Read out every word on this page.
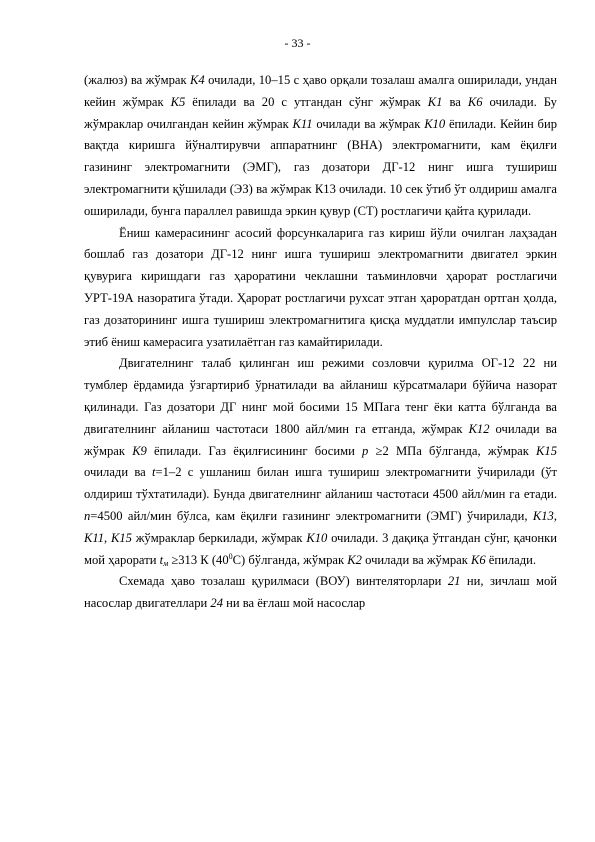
- 33 -

(жалюз) ва жўмрак К4 очилади, 10–15 с ҳаво орқали тозалаш амалга оширилади, ундан кейин жўмрак К5 ёпилади ва 20 с утгандан сўнг жўмрак К1 ва К6 очилади. Бу жўмраклар очилгандан кейин жўмрак К11 очилади ва жўмрак К10 ёпилади. Кейин бир вақтда киришга йўналтирувчи аппаратнинг (ВНА) электромагнити, кам ёқилғи газининг электромагнити (ЭМГ), газ дозатори ДГ-12 нинг ишга тушириш электромагнити қўшилади (ЭЗ) ва жўмрак К13 очилади. 10 сек ўтиб ўт олдириш амалга оширилади, бунга параллел равишда эркин қувур (СТ) ростлагичи қайта қурилади.

Ёниш камерасининг асосий форсункаларига газ кириш йўли очилган лаҳзадан бошлаб газ дозатори ДГ-12 нинг ишга тушириш электромагнити двигател эркин қувурига киришдаги газ ҳароратини чеклашни таъминловчи ҳарорат ростлагичи УРТ-19А назоратига ўтади. Ҳарорат ростлагичи рухсат этган ҳароратдан ортган ҳолда, газ дозаторининг ишга тушириш электромагнитига қисқа муддатли импулслар таъсир этиб ёниш камерасига узатилаётган газ камайтирилади.

Двигателнинг талаб қилинган иш режими созловчи қурилма ОГ-12 22 ни тумблер ёрдамида ўзгартириб ўрнатилади ва айланиш кўрсатмалари бўйича назорат қилинади. Газ дозатори ДГ нинг мой босими 15 МПага тенг ёки катта бўлганда ва двигателнинг айланиш частотаси 1800 айл/мин га етганда, жўмрак К12 очилади ва жўмрак К9 ёпилади. Газ ёқилғисининг босими р ≥2 МПа бўлганда, жўмрак К15 очилади ва t=1–2 с ушланиш билан ишга тушириш электромагнити ўчирилади (ўт олдириш тўхтатилади). Бунда двигателнинг айланиш частотаси 4500 айл/мин га етади. n=4500 айл/мин бўлса, кам ёқилғи газининг электромагнити (ЭМГ) ўчирилади, К13, К11, К15 жўмраклар беркилади, жўмрак К10 очилади. 3 дақиқа ўтгандан сўнг, қачонки мой ҳарорати $t_м \ge 313$ К $(40^0С)$ бўлганда, жўмрак К2 очилади ва жўмрак К6 ёпилади.

Схемада ҳаво тозалаш қурилмаси (ВОУ) винтеляторлари 21 ни, зичлаш мой насослар двигателлари 24 ни ва ёғлаш мой насослар
